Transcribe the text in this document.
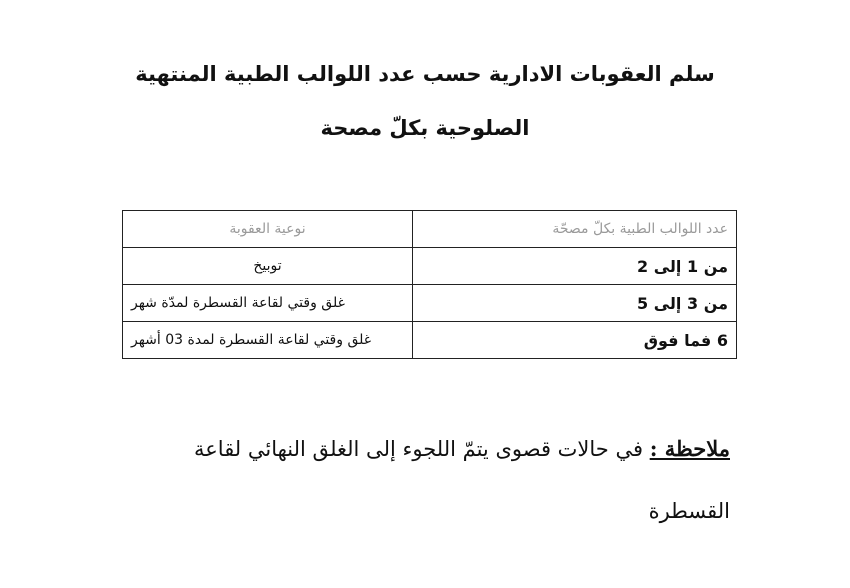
سلم العقوبات الادارية حسب عدد اللوالب الطبية المنتهية
الصلوحية بكلّ مصحة
عدد اللوالب الطبية بكلّ مصحّة	نوعية العقوبة
من 1 إلى 2	توبيخ
من 3 إلى 5	غلق وقتي لقاعة القسطرة لمدّة شهر
6 فما فوق	غلق وقتي لقاعة القسطرة لمدة 03 أشهر
ملاحظة : في حالات قصوى يتمّ اللجوء إلى الغلق النهائي لقاعة القسطرة
